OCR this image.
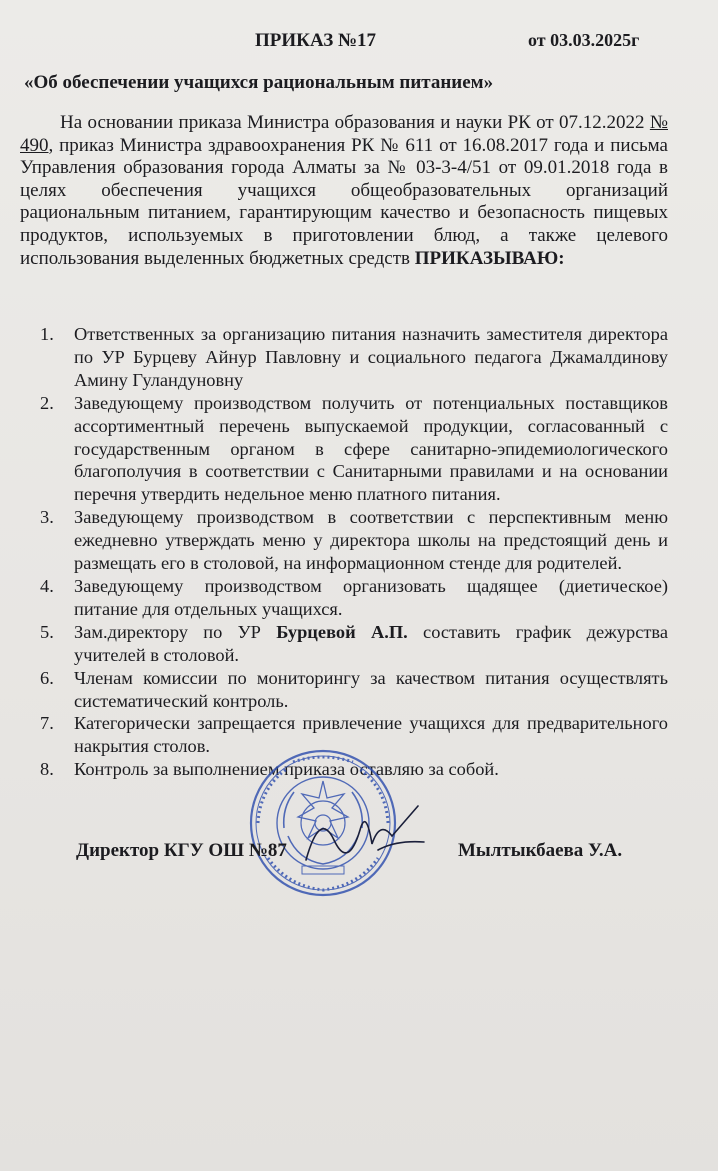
ПРИКАЗ №17	от 03.03.2025г
«Об обеспечении учащихся рациональным питанием»

На основании приказа Министра образования и науки РК от 07.12.2022 № 490, приказ Министра здравоохранения РК № 611 от 16.08.2017 года и письма Управления образования города Алматы за № 03-3-4/51 от 09.01.2018 года в целях обеспечения учащихся общеобразовательных организаций рациональным питанием, гарантирующим качество и безопасность пищевых продуктов, используемых в приготовлении блюд, а также целевого использования выделенных бюджетных средств ПРИКАЗЫВАЮ:

1. Ответственных за организацию питания назначить заместителя директора по УР Бурцеву Айнур Павловну и социального педагога Джамалдинову Амину Гуландуновну
2. Заведующему производством получить от потенциальных поставщиков ассортиментный перечень выпускаемой продукции, согласованный с государственным органом в сфере санитарно-эпидемиологического благополучия в соответствии с Санитарными правилами и на основании перечня утвердить недельное меню платного питания.
3. Заведующему производством в соответствии с перспективным меню ежедневно утверждать меню у директора школы на предстоящий день и размещать его в столовой, на информационном стенде для родителей.
4. Заведующему производством организовать щадящее (диетическое) питание для отдельных учащихся.
5. Зам.директору по УР Бурцевой А.П. составить график дежурства учителей в столовой.
6. Членам комиссии по мониторингу за качеством питания осуществлять систематический контроль.
7. Категорически запрещается привлечение учащихся для предварительного накрытия столов.
8. Контроль за выполнением приказа оставляю за собой.
Директор КГУ ОШ №87	Мылтыкбаева У.А.
